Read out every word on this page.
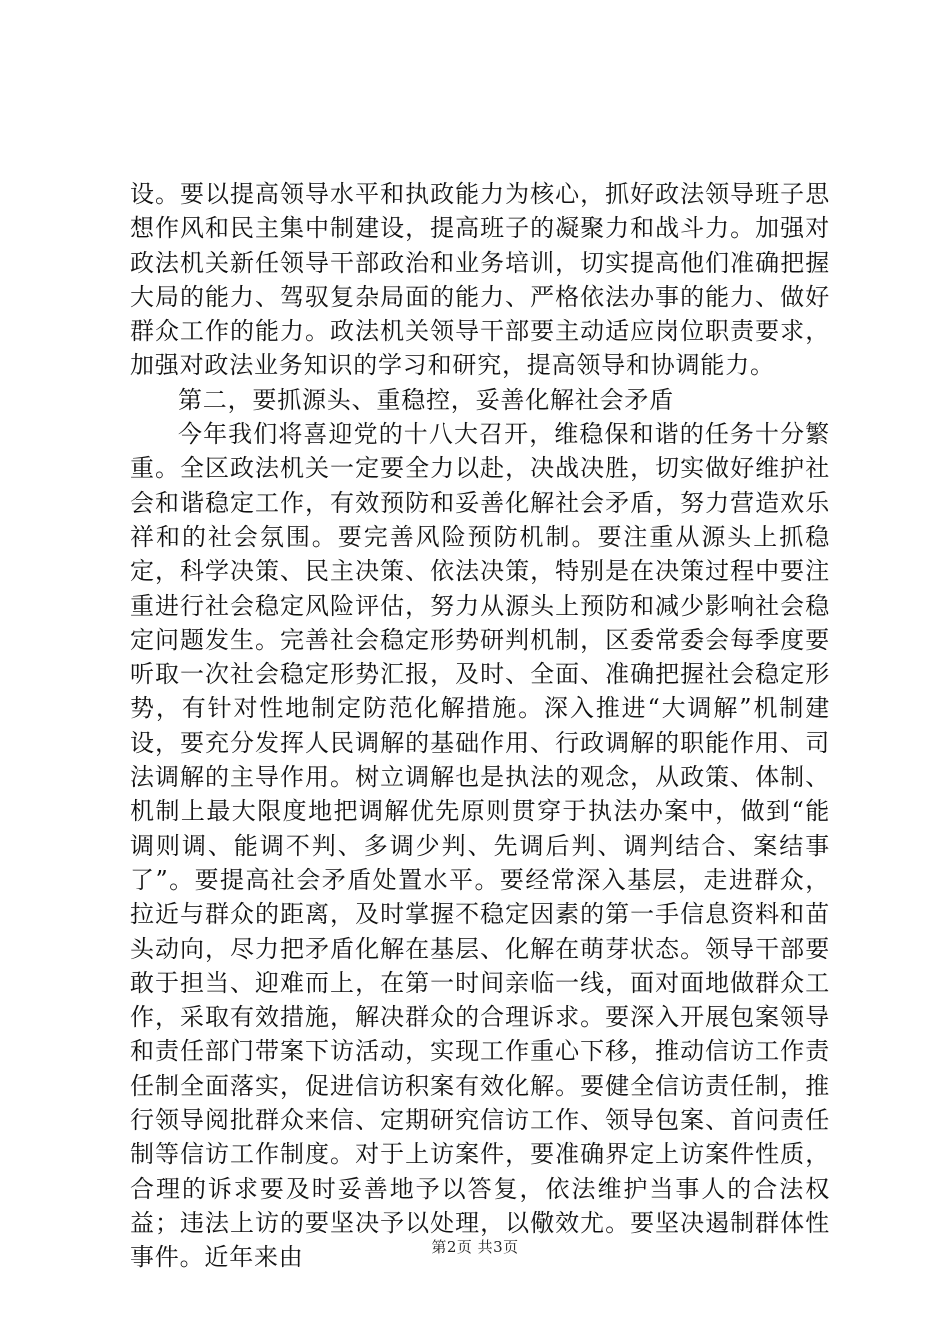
设。要以提高领导水平和执政能力为核心，抓好政法领导班子思想作风和民主集中制建设，提高班子的凝聚力和战斗力。加强对政法机关新任领导干部政治和业务培训，切实提高他们准确把握大局的能力、驾驭复杂局面的能力、严格依法办事的能力、做好群众工作的能力。政法机关领导干部要主动适应岗位职责要求，加强对政法业务知识的学习和研究，提高领导和协调能力。

第二，要抓源头、重稳控，妥善化解社会矛盾

今年我们将喜迎党的十八大召开，维稳保和谐的任务十分繁重。全区政法机关一定要全力以赴，决战决胜，切实做好维护社会和谐稳定工作，有效预防和妥善化解社会矛盾，努力营造欢乐祥和的社会氛围。要完善风险预防机制。要注重从源头上抓稳定，科学决策、民主决策、依法决策，特别是在决策过程中要注重进行社会稳定风险评估，努力从源头上预防和减少影响社会稳定问题发生。完善社会稳定形势研判机制，区委常委会每季度要听取一次社会稳定形势汇报，及时、全面、准确把握社会稳定形势，有针对性地制定防范化解措施。深入推进“大调解”机制建设，要充分发挥人民调解的基础作用、行政调解的职能作用、司法调解的主导作用。树立调解也是执法的观念，从政策、体制、机制上最大限度地把调解优先原则贯穿于执法办案中，做到“能调则调、能调不判、多调少判、先调后判、调判结合、案结事了”。要提高社会矛盾处置水平。要经常深入基层，走进群众，拉近与群众的距离，及时掌握不稳定因素的第一手信息资料和苗头动向，尽力把矛盾化解在基层、化解在萌芽状态。领导干部要敢于担当、迎难而上，在第一时间亲临一线，面对面地做群众工作，采取有效措施，解决群众的合理诉求。要深入开展包案领导和责任部门带案下访活动，实现工作重心下移，推动信访工作责任制全面落实，促进信访积案有效化解。要健全信访责任制，推行领导阅批群众来信、定期研究信访工作、领导包案、首问责任制等信访工作制度。对于上访案件，要准确界定上访案件性质，合理的诉求要及时妥善地予以答复，依法维护当事人的合法权益；违法上访的要坚决予以处理，以儆效尤。要坚决遏制群体性事件。近年来由	第2页 共3页
